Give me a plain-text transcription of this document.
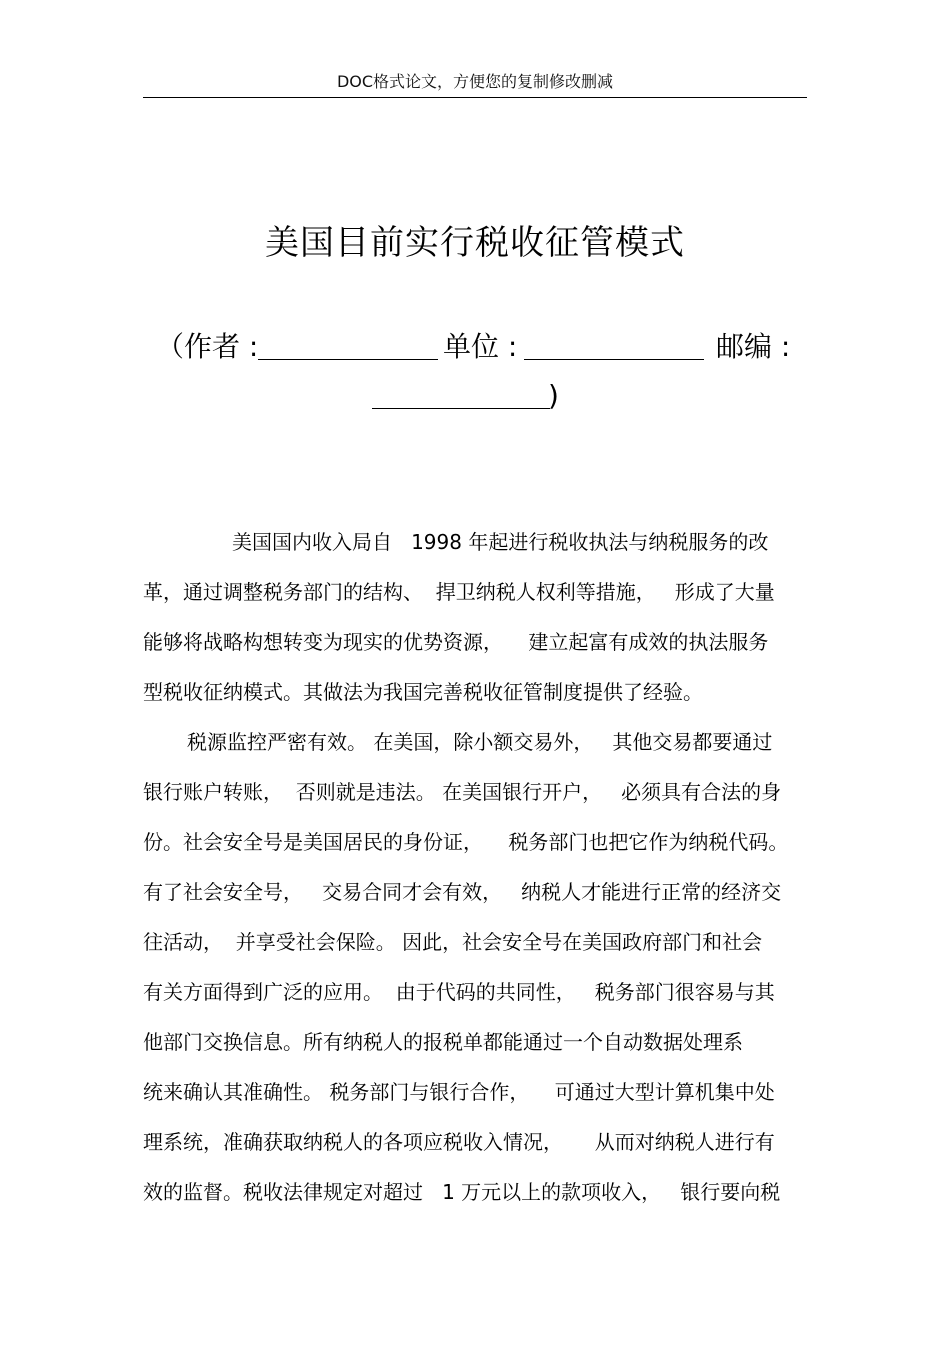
DOC格式论文，方便您的复制修改删减
美国目前实行税收征管模式
（作者 :	单位 :	邮编 :
)
美国国内收入局自   1998 年起进行税收执法与纳税服务的改
革，通过调整税务部门的结构、  捍卫纳税人权利等措施，   形成了大量
能够将战略构想转变为现实的优势资源，    建立起富有成效的执法服务
型税收征纳模式。其做法为我国完善税收征管制度提供了经验。
税源监控严密有效。 在美国，除小额交易外，   其他交易都要通过
银行账户转账，  否则就是违法。 在美国银行开户，   必须具有合法的身
份。社会安全号是美国居民的身份证，    税务部门也把它作为纳税代码。
有了社会安全号，   交易合同才会有效，   纳税人才能进行正常的经济交
往活动，  并享受社会保险。 因此，社会安全号在美国政府部门和社会
有关方面得到广泛的应用。  由于代码的共同性，   税务部门很容易与其
他部门交换信息。所有纳税人的报税单都能通过一个自动数据处理系
统来确认其准确性。 税务部门与银行合作，    可通过大型计算机集中处
理系统，准确获取纳税人的各项应税收入情况，     从而对纳税人进行有
效的监督。税收法律规定对超过   1 万元以上的款项收入，   银行要向税
